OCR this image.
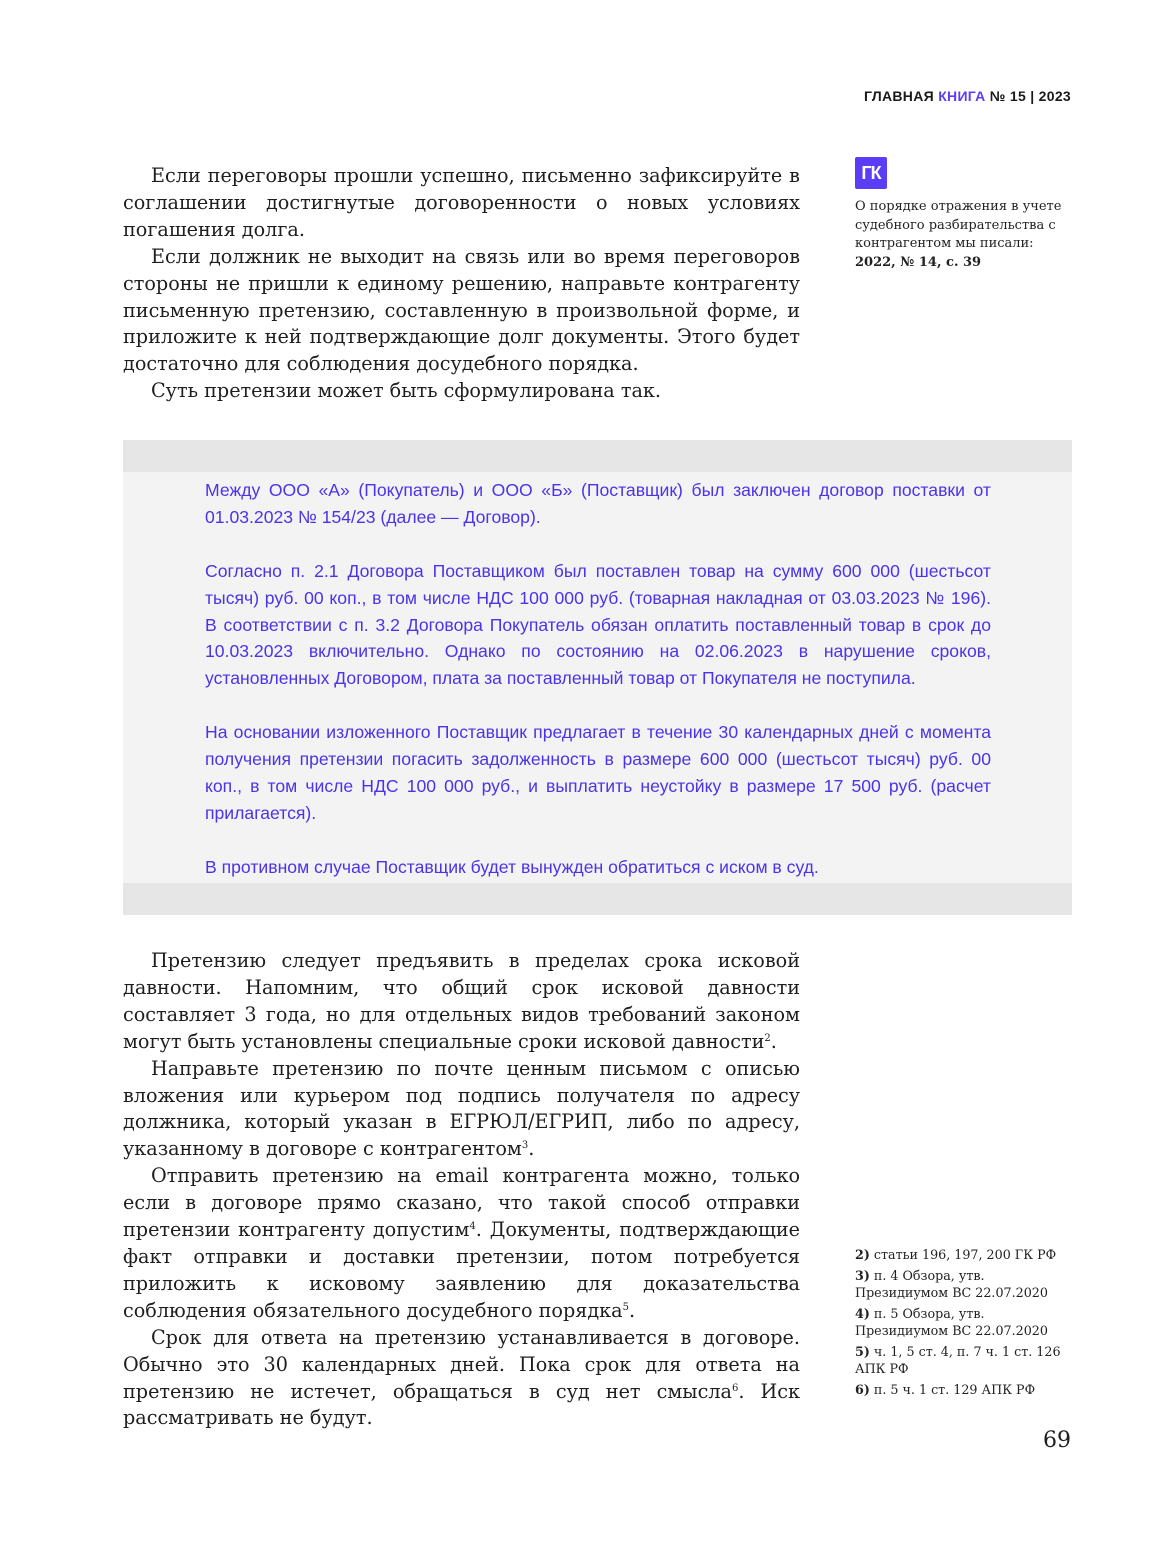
ГЛАВНАЯ КНИГА № 15 | 2023

Если переговоры прошли успешно, письменно зафиксируйте в соглашении достигнутые договоренности о новых условиях погашения долга.

Если должник не выходит на связь или во время переговоров стороны не пришли к единому решению, направьте контрагенту письменную претензию, составленную в произвольной форме, и приложите к ней подтверждающие долг документы. Этого будет достаточно для соблюдения досудебного порядка.

Суть претензии может быть сформулирована так.

ГК
О порядке отражения в учете судебного разбирательства с контрагентом мы писали:
2022, № 14, с. 39

Между ООО «А» (Покупатель) и ООО «Б» (Поставщик) был заключен договор поставки от 01.03.2023 № 154/23 (далее — Договор).

Согласно п. 2.1 Договора Поставщиком был поставлен товар на сумму 600 000 (шестьсот тысяч) руб. 00 коп., в том числе НДС 100 000 руб. (товарная накладная от 03.03.2023 № 196). В соответствии с п. 3.2 Договора Покупатель обязан оплатить поставленный товар в срок до 10.03.2023 включительно. Однако по состоянию на 02.06.2023 в нарушение сроков, установленных Договором, плата за поставленный товар от Покупателя не поступила.

На основании изложенного Поставщик предлагает в течение 30 календарных дней с момента получения претензии погасить задолженность в размере 600 000 (шестьсот тысяч) руб. 00 коп., в том числе НДС 100 000 руб., и выплатить неустойку в размере 17 500 руб. (расчет прилагается).

В противном случае Поставщик будет вынужден обратиться с иском в суд.

Претензию следует предъявить в пределах срока исковой давности. Напомним, что общий срок исковой давности составляет 3 года, но для отдельных видов требований законом могут быть установлены специальные сроки исковой давности$^2$.

Направьте претензию по почте ценным письмом с описью вложения или курьером под подпись получателя по адресу должника, который указан в ЕГРЮЛ/ЕГРИП, либо по адресу, указанному в договоре с контрагентом$^3$.

Отправить претензию на email контрагента можно, только если в договоре прямо сказано, что такой способ отправки претензии контрагенту допустим$^4$. Документы, подтверждающие факт отправки и доставки претензии, потом потребуется приложить к исковому заявлению для доказательства соблюдения обязательного досудебного порядка$^5$.

Срок для ответа на претензию устанавливается в договоре. Обычно это 30 календарных дней. Пока срок для ответа на претензию не истечет, обращаться в суд нет смысла$^6$. Иск рассматривать не будут.

2) статьи 196, 197, 200 ГК РФ
3) п. 4 Обзора, утв. Президиумом ВС 22.07.2020
4) п. 5 Обзора, утв. Президиумом ВС 22.07.2020
5) ч. 1, 5 ст. 4, п. 7 ч. 1 ст. 126 АПК РФ
6) п. 5 ч. 1 ст. 129 АПК РФ
69
